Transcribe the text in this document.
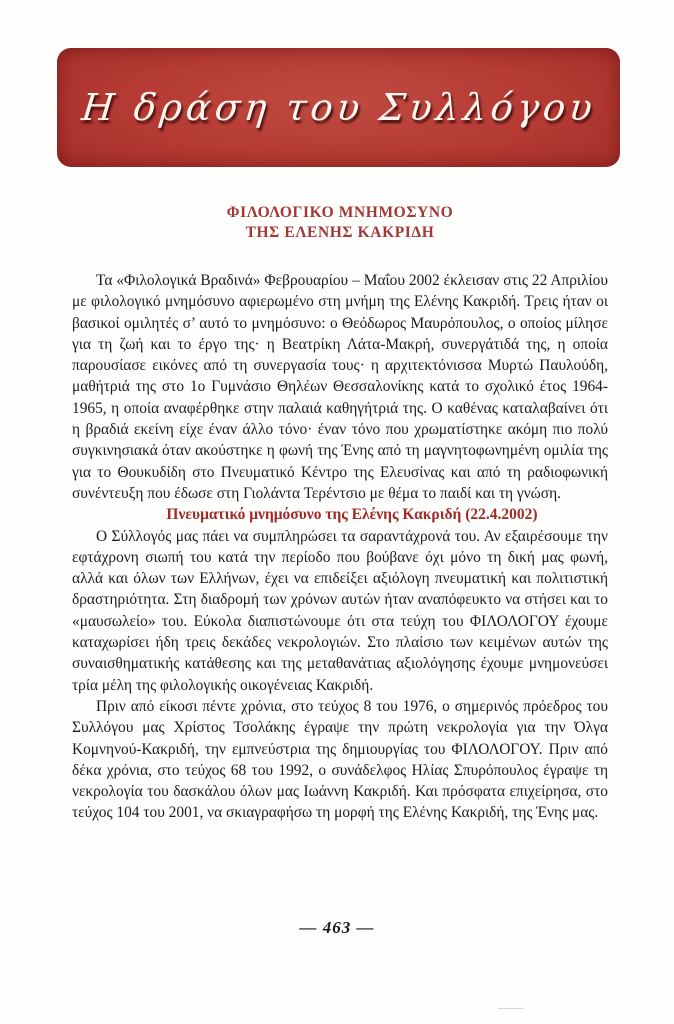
Η δράση του Συλλόγου
ΦΙΛΟΛΟΓΙΚΟ ΜΝΗΜΟΣΥΝΟ
ΤΗΣ ΕΛΕΝΗΣ ΚΑΚΡΙΔΗ

Τα «Φιλολογικά Βραδινά» Φεβρουαρίου – Μαΐου 2002 έκλεισαν στις 22 Απριλίου με φιλολογικό μνημόσυνο αφιερωμένο στη μνήμη της Ελένης Κακριδή. Τρεις ήταν οι βασικοί ομιλητές σ’ αυτό το μνημόσυνο: ο Θεόδωρος Μαυρόπουλος, ο οποίος μίλησε για τη ζωή και το έργο της· η Βεατρίκη Λάτα-Μακρή, συνεργάτιδά της, η οποία παρουσίασε εικόνες από τη συνεργασία τους· η αρχιτεκτόνισσα Μυρτώ Παυλούδη, μαθήτριά της στο 1ο Γυμνάσιο Θηλέων Θεσσαλονίκης κατά το σχολικό έτος 1964-1965, η οποία αναφέρθηκε στην παλαιά καθηγήτριά της. Ο καθένας καταλαβαίνει ότι η βραδιά εκείνη είχε έναν άλλο τόνο· έναν τόνο που χρωματίστηκε ακόμη πιο πολύ συγκινησιακά όταν ακούστηκε η φωνή της Ένης από τη μαγνητοφωνημένη ομιλία της για το Θουκυδίδη στο Πνευματικό Κέντρο της Ελευσίνας και από τη ραδιοφωνική συνέντευξη που έδωσε στη Γιολάντα Τερέντσιο με θέμα το παιδί και τη γνώση.

Πνευματικό μνημόσυνο της Ελένης Κακριδή (22.4.2002)

Ο Σύλλογός μας πάει να συμπληρώσει τα σαραντάχρονά του. Αν εξαιρέσουμε την εφτάχρονη σιωπή του κατά την περίοδο που βούβανε όχι μόνο τη δική μας φωνή, αλλά και όλων των Ελλήνων, έχει να επιδείξει αξιόλογη πνευματική και πολιτιστική δραστηριότητα. Στη διαδρομή των χρόνων αυτών ήταν αναπόφευκτο να στήσει και το «μαυσωλείο» του. Εύκολα διαπιστώνουμε ότι στα τεύχη του ΦΙΛΟΛΟΓΟΥ έχουμε καταχωρίσει ήδη τρεις δεκάδες νεκρολογιών. Στο πλαίσιο των κειμένων αυτών της συναισθηματικής κατάθεσης και της μεταθανάτιας αξιολόγησης έχουμε μνημονεύσει τρία μέλη της φιλολογικής οικογένειας Κακριδή.

Πριν από είκοσι πέντε χρόνια, στο τεύχος 8 του 1976, ο σημερινός πρόεδρος του Συλλόγου μας Χρίστος Τσολάκης έγραψε την πρώτη νεκρολογία για την Όλγα Κομνηνού-Κακριδή, την εμπνεύστρια της δημιουργίας του ΦΙΛΟΛΟΓΟΥ. Πριν από δέκα χρόνια, στο τεύχος 68 του 1992, ο συνάδελφος Ηλίας Σπυρόπουλος έγραψε τη νεκρολογία του δασκάλου όλων μας Ιωάννη Κακριδή. Και πρόσφατα επιχείρησα, στο τεύχος 104 του 2001, να σκιαγραφήσω τη μορφή της Ελένης Κακριδή, της Ένης μας.

— 463 —
